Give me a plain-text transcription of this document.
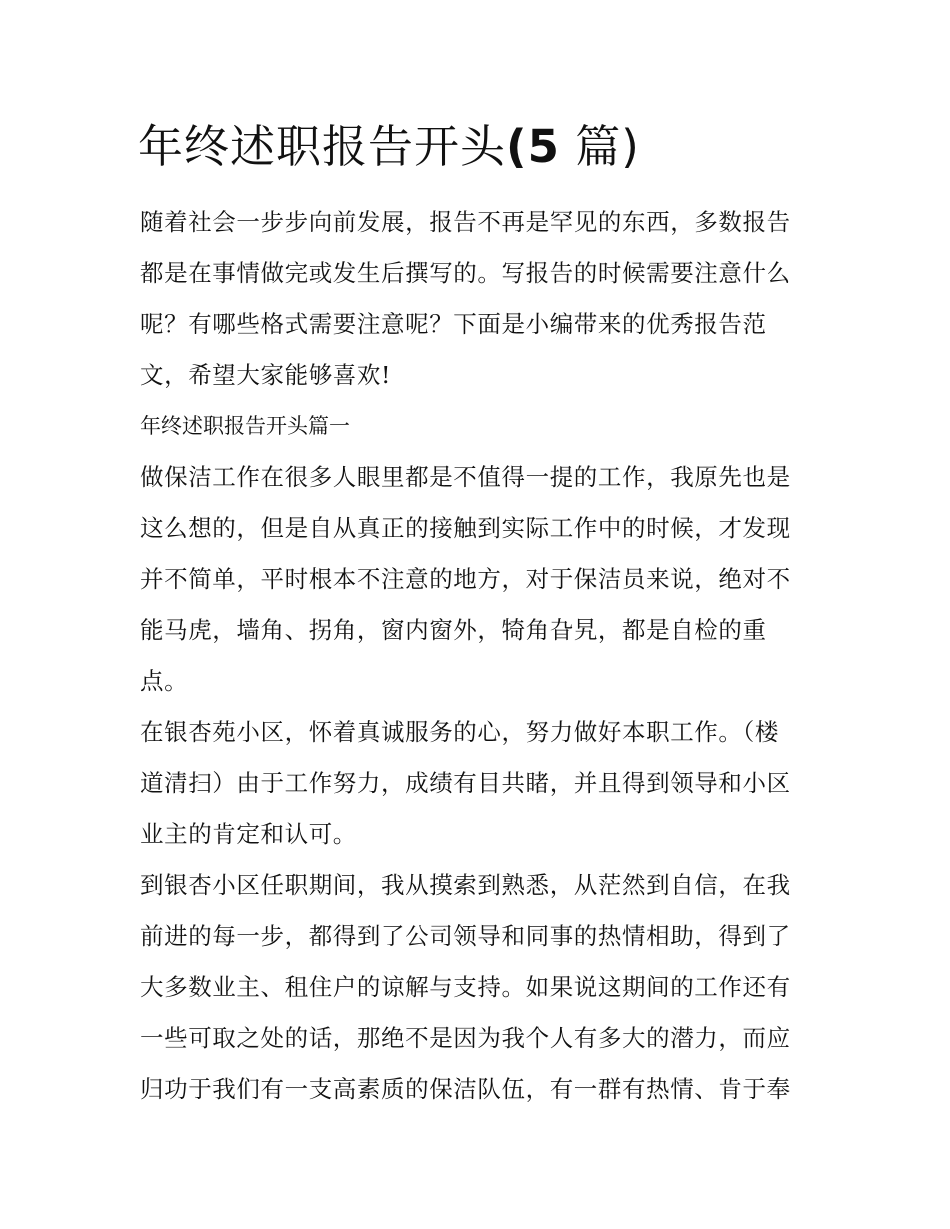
年终述职报告开头(5 篇)

随着社会一步步向前发展，报告不再是罕见的东西，多数报告
都是在事情做完或发生后撰写的。写报告的时候需要注意什么
呢？有哪些格式需要注意呢？下面是小编带来的优秀报告范
文，希望大家能够喜欢!

年终述职报告开头篇一

做保洁工作在很多人眼里都是不值得一提的工作，我原先也是
这么想的，但是自从真正的接触到实际工作中的时候，才发现
并不简单，平时根本不注意的地方，对于保洁员来说，绝对不
能马虎，墙角、拐角，窗内窗外，犄角旮旯，都是自检的重
点。

在银杏苑小区，怀着真诚服务的心，努力做好本职工作。（楼
道清扫）由于工作努力，成绩有目共睹，并且得到领导和小区
业主的肯定和认可。

到银杏小区任职期间，我从摸索到熟悉，从茫然到自信，在我
前进的每一步，都得到了公司领导和同事的热情相助，得到了
大多数业主、租住户的谅解与支持。如果说这期间的工作还有
一些可取之处的话，那绝不是因为我个人有多大的潜力，而应
归功于我们有一支高素质的保洁队伍，有一群有热情、肯于奉
